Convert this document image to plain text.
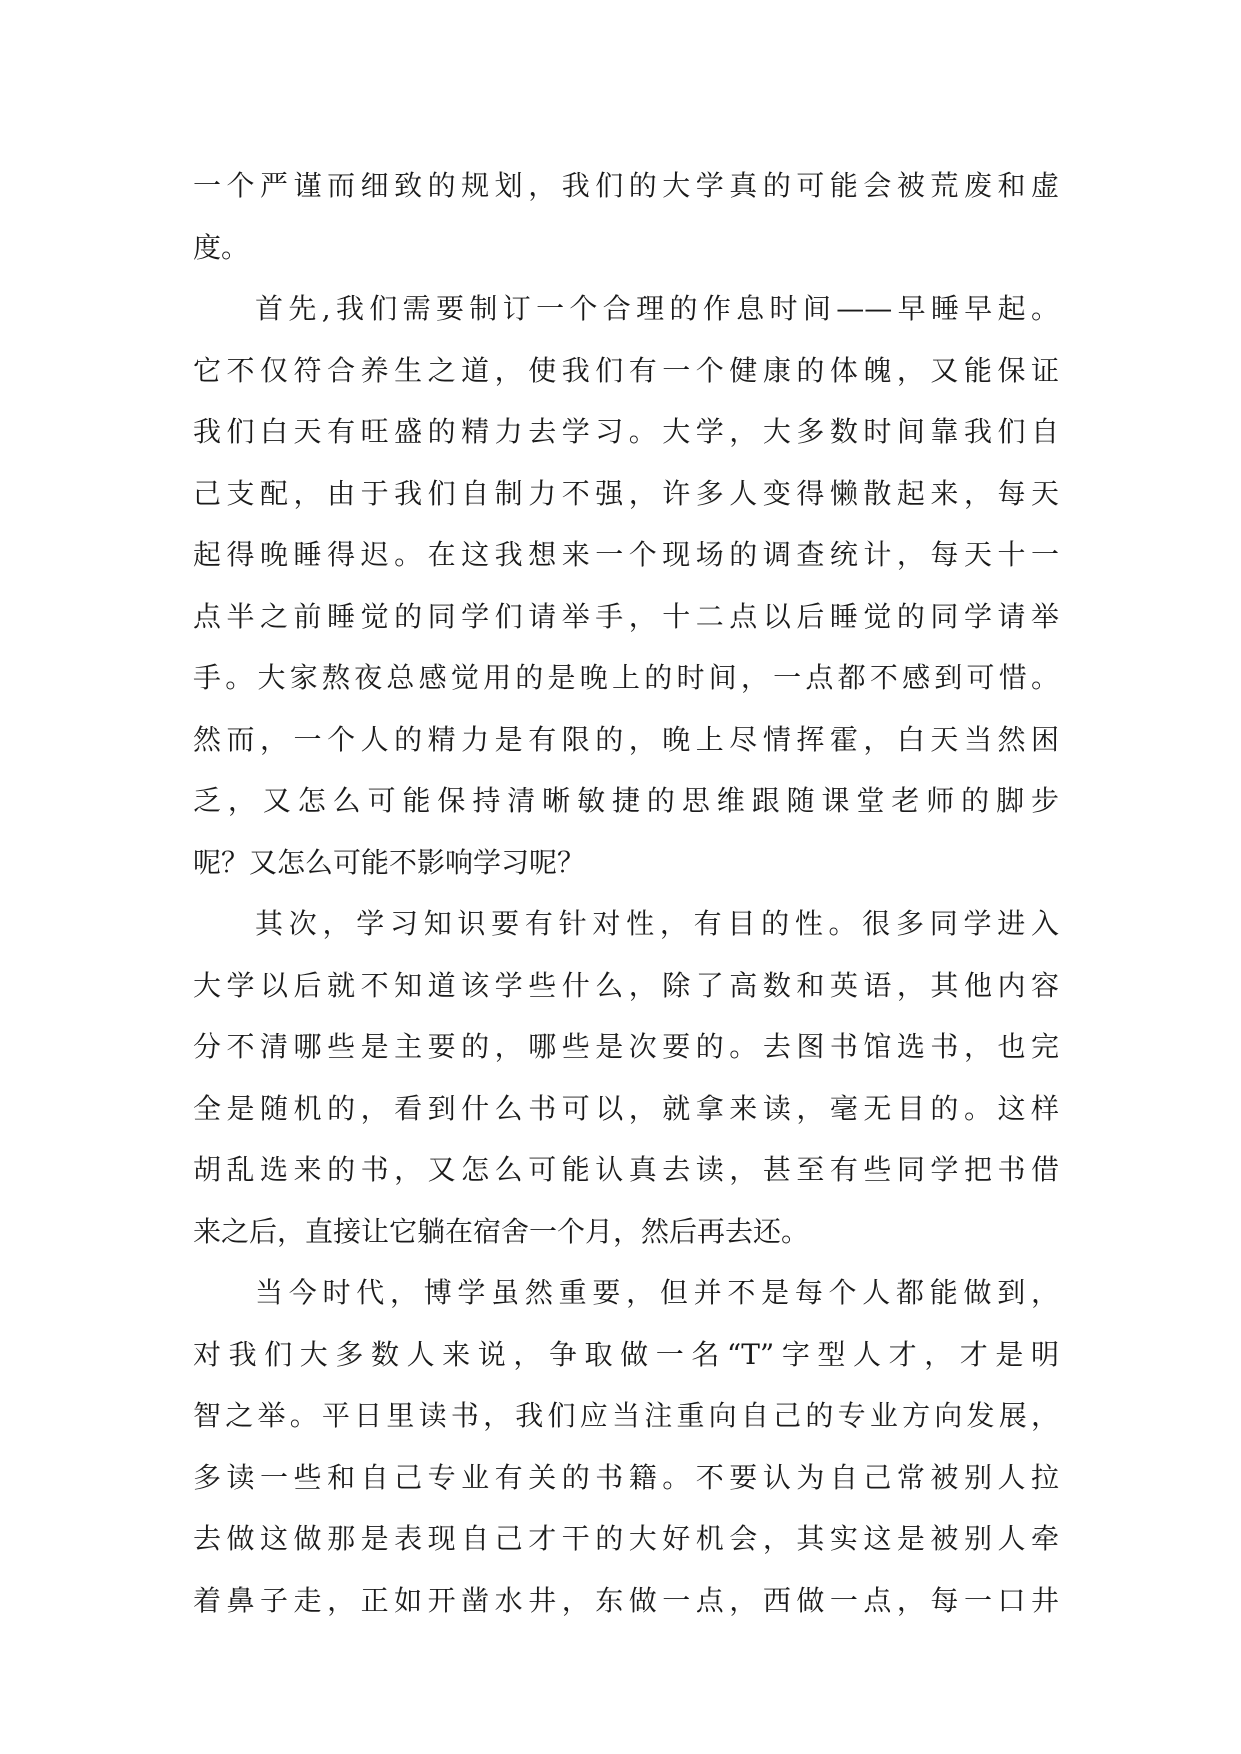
一个严谨而细致的规划，我们的大学真的可能会被荒废和虚
度。
首先,我们需要制订一个合理的作息时间——早睡早起。
它不仅符合养生之道，使我们有一个健康的体魄，又能保证
我们白天有旺盛的精力去学习。大学，大多数时间靠我们自
己支配，由于我们自制力不强，许多人变得懒散起来，每天
起得晚睡得迟。在这我想来一个现场的调查统计，每天十一
点半之前睡觉的同学们请举手，十二点以后睡觉的同学请举
手。大家熬夜总感觉用的是晚上的时间，一点都不感到可惜。
然而，一个人的精力是有限的，晚上尽情挥霍，白天当然困
乏，又怎么可能保持清晰敏捷的思维跟随课堂老师的脚步
呢？又怎么可能不影响学习呢？
其次，学习知识要有针对性，有目的性。很多同学进入
大学以后就不知道该学些什么，除了高数和英语，其他内容
分不清哪些是主要的，哪些是次要的。去图书馆选书，也完
全是随机的，看到什么书可以，就拿来读，毫无目的。这样
胡乱选来的书，又怎么可能认真去读，甚至有些同学把书借
来之后，直接让它躺在宿舍一个月，然后再去还。
当今时代，博学虽然重要，但并不是每个人都能做到，
对我们大多数人来说，争取做一名“T”字型人才，才是明
智之举。平日里读书，我们应当注重向自己的专业方向发展，
多读一些和自己专业有关的书籍。不要认为自己常被别人拉
去做这做那是表现自己才干的大好机会，其实这是被别人牵
着鼻子走，正如开凿水井，东做一点，西做一点，每一口井
